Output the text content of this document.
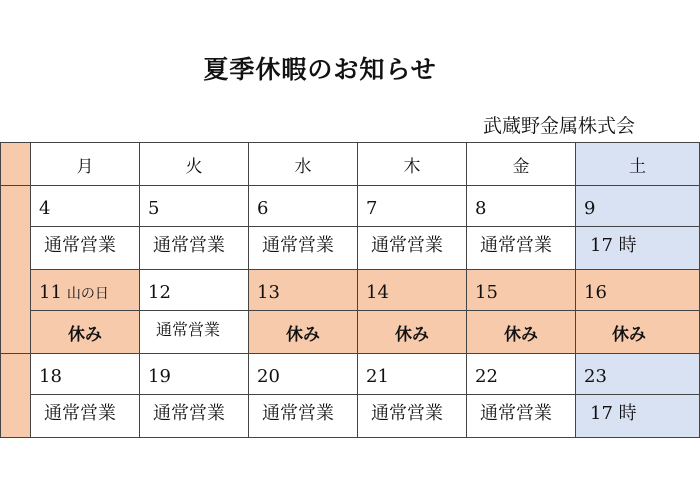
夏季休暇のお知らせ
武蔵野金属株式会
	月	火	水	木	金	土

	4	5	6	7	8	9

	通常営業	通常営業	通常営業	通常営業	通常営業	17 時

	11 山の日	12	13	14	15	16

	休み	通常営業	休み	休み	休み	休み

	18	19	20	21	22	23

	通常営業	通常営業	通常営業	通常営業	通常営業	17 時
